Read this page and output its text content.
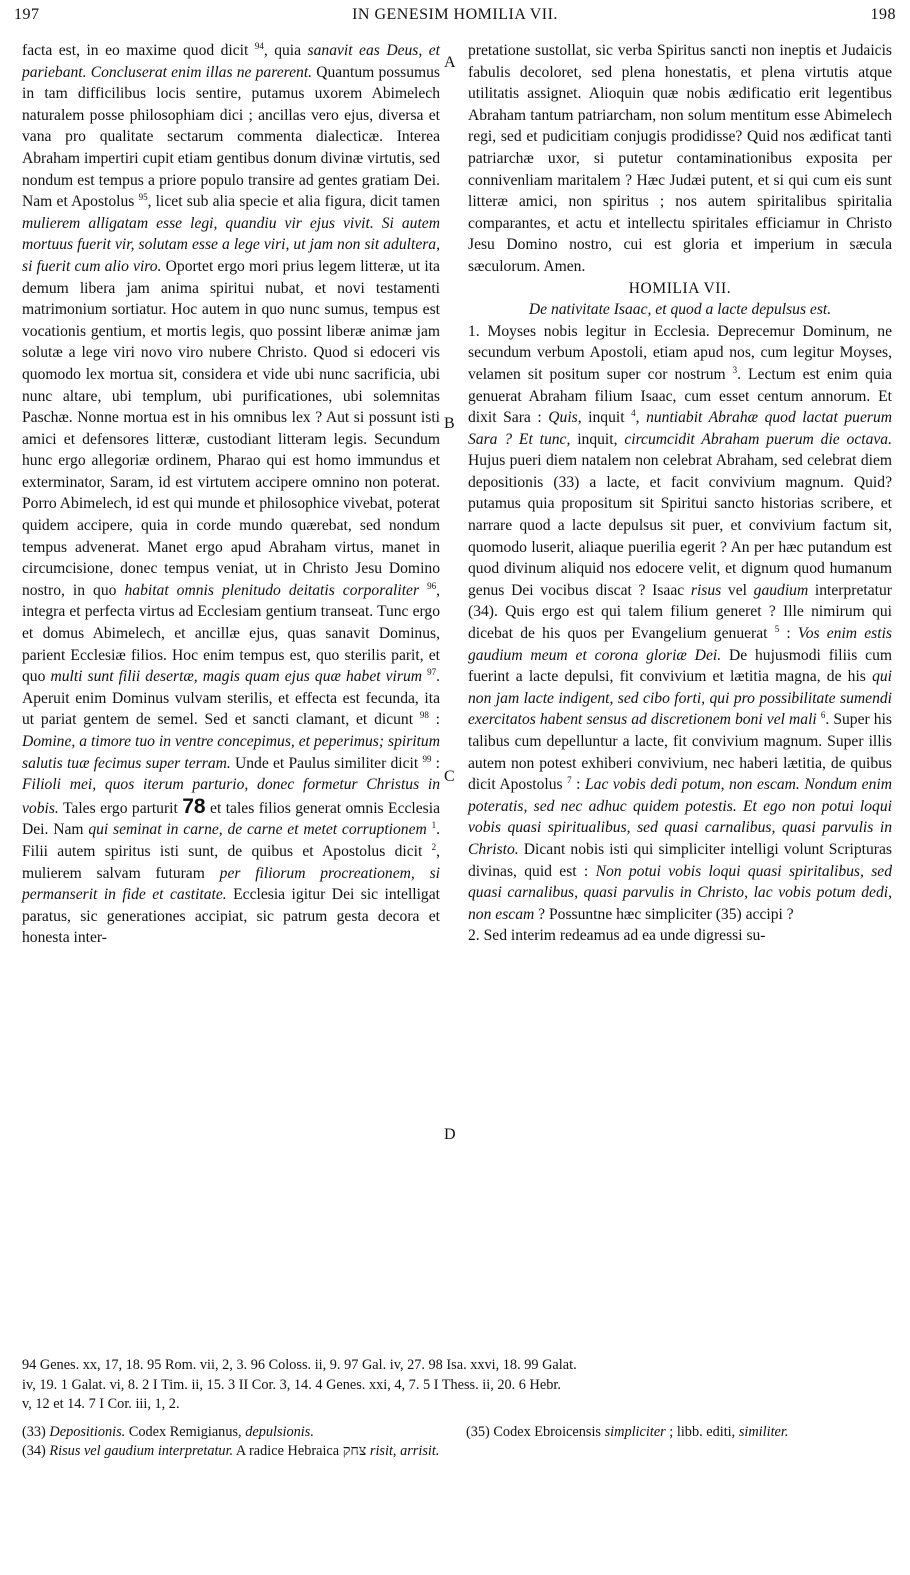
197	IN GENESIM HOMILIA VII.	198

facta est, in eo maxime quod dicit $^{94}$, quia sanavit eas Deus, et pariebant. Concluserat enim illas ne parerent. Quantum possumus in tam difficilibus locis sentire, putamus uxorem Abimelech naturalem posse philosophiam dici ; ancillas vero ejus, diversa et vana pro qualitate sectarum commenta dialecticæ. Interea Abraham impertiri cupit etiam gentibus donum divinæ virtutis, sed nondum est tempus a priore populo transire ad gentes gratiam Dei. Nam et Apostolus $^{95}$, licet sub alia specie et alia figura, dicit tamen mulierem alligatam esse legi, quandiu vir ejus vivit. Si autem mortuus fuerit vir, solutam esse a lege viri, ut jam non sit adultera, si fuerit cum alio viro. Oportet ergo mori prius legem litteræ, ut ita demum libera jam anima spiritui nubat, et novi testamenti matrimonium sortiatur. Hoc autem in quo nunc sumus, tempus est vocationis gentium, et mortis legis, quo possint liberæ animæ jam solutæ a lege viri novo viro nubere Christo. Quod si edoceri vis quomodo lex mortua sit, considera et vide ubi nunc sacrificia, ubi nunc altare, ubi templum, ubi purificationes, ubi solemnitas Paschæ. Nonne mortua est in his omnibus lex ? Aut si possunt isti amici et defensores litteræ, custodiant litteram legis. Secundum hunc ergo allegoriæ ordinem, Pharao qui est homo immundus et exterminator, Saram, id est virtutem accipere omnino non poterat. Porro Abimelech, id est qui munde et philosophice vivebat, poterat quidem accipere, quia in corde mundo quærebat, sed nondum tempus advenerat. Manet ergo apud Abraham virtus, manet in circumcisione, donec tempus veniat, ut in Christo Jesu Domino nostro, in quo habitat omnis plenitudo deitatis corporaliter $^{96}$, integra et perfecta virtus ad Ecclesiam gentium transeat. Tunc ergo et domus Abimelech, et ancillæ ejus, quas sanavit Dominus, parient Ecclesiæ filios. Hoc enim tempus est, quo sterilis parit, et quo multi sunt filii desertæ, magis quam ejus quæ habet virum $^{97}$. Aperuit enim Dominus vulvam sterilis, et effecta est fecunda, ita ut pariat gentem de semel. Sed et sancti clamant, et dicunt $^{98}$ : Domine, a timore tuo in ventre concepimus, et peperimus; spiritum salutis tuæ fecimus super terram. Unde et Paulus similiter dicit $^{99}$ : Filioli mei, quos iterum parturio, donec formetur Christus in vobis. Tales ergo parturit 78 et tales filios generat omnis Ecclesia Dei. Nam qui seminat in carne, de carne et metet corruptionem $^1$. Filii autem spiritus isti sunt, de quibus et Apostolus dicit $^2$, mulierem salvam futuram per filiorum procreationem, si permanserit in fide et castitate. Ecclesia igitur Dei sic intelligat paratus, sic generationes accipiat, sic patrum gesta decora et honesta inter-

A
B
C
D

pretatione sustollat, sic verba Spiritus sancti non ineptis et Judaicis fabulis decoloret, sed plena honestatis, et plena virtutis atque utilitatis assignet. Alioquin quæ nobis ædificatio erit legentibus Abraham tantum patriarcham, non solum mentitum esse Abimelech regi, sed et pudicitiam conjugis prodidisse? Quid nos ædificat tanti patriarchæ uxor, si putetur contaminationibus exposita per connivenliam maritalem ? Hæc Judæi putent, et si qui cum eis sunt litteræ amici, non spiritus ; nos autem spiritalibus spiritalia comparantes, et actu et intellectu spiritales efficiamur in Christo Jesu Domino nostro, cui est gloria et imperium in sæcula sæculorum. Amen.

HOMILIA VII.

De nativitate Isaac, et quod a lacte depulsus est.

1. Moyses nobis legitur in Ecclesia. Deprecemur Dominum, ne secundum verbum Apostoli, etiam apud nos, cum legitur Moyses, velamen sit positum super cor nostrum $^3$. Lectum est enim quia genuerat Abraham filium Isaac, cum esset centum annorum. Et dixit Sara : Quis, inquit $^4$, nuntiabit Abrahæ quod lactat puerum Sara ? Et tunc, inquit, circumcidit Abraham puerum die octava. Hujus pueri diem natalem non celebrat Abraham, sed celebrat diem depositionis (33) a lacte, et facit convivium magnum. Quid? putamus quia propositum sit Spiritui sancto historias scribere, et narrare quod a lacte depulsus sit puer, et convivium factum sit, quomodo luserit, aliaque puerilia egerit ? An per hæc putandum est quod divinum aliquid nos edocere velit, et dignum quod humanum genus Dei vocibus discat ? Isaac risus vel gaudium interpretatur (34). Quis ergo est qui talem filium generet ? Ille nimirum qui dicebat de his quos per Evangelium genuerat $^5$ : Vos enim estis gaudium meum et corona gloriæ Dei. De hujusmodi filiis cum fuerint a lacte depulsi, fit convivium et lætitia magna, de his qui non jam lacte indigent, sed cibo forti, qui pro possibilitate sumendi exercitatos habent sensus ad discretionem boni vel mali $^6$. Super his talibus cum depelluntur a lacte, fit convivium magnum. Super illis autem non potest exhiberi convivium, nec haberi lætitia, de quibus dicit Apostolus $^7$ : Lac vobis dedi potum, non escam. Nondum enim poteratis, sed nec adhuc quidem potestis. Et ego non potui loqui vobis quasi spiritualibus, sed quasi carnalibus, quasi parvulis in Christo. Dicant nobis isti qui simpliciter intelligi volunt Scripturas divinas, quid est : Non potui vobis loqui quasi spiritalibus, sed quasi carnalibus, quasi parvulis in Christo, lac vobis potum dedi, non escam ? Possuntne hæc simpliciter (35) accipi ?

2. Sed interim redeamus ad ea unde digressi su-

94 Genes. xx, 17, 18. 95 Rom. vii, 2, 3. 96 Coloss. ii, 9. 97 Gal. iv, 27. 98 Isa. xxvi, 18. 99 Galat.

iv, 19. 1 Galat. vi, 8. 2 I Tim. ii, 15. 3 II Cor. 3, 14. 4 Genes. xxi, 4, 7. 5 I Thess. ii, 20. 6 Hebr.

v, 12 et 14. 7 I Cor. iii, 1, 2.

(33) Depositionis. Codex Remigianus, depulsionis.

(34) Risus vel gaudium interpretatur. A radice Hebraica צחק risit, arrisit.

(35) Codex Ebroicensis simpliciter ; libb. editi, similiter.
